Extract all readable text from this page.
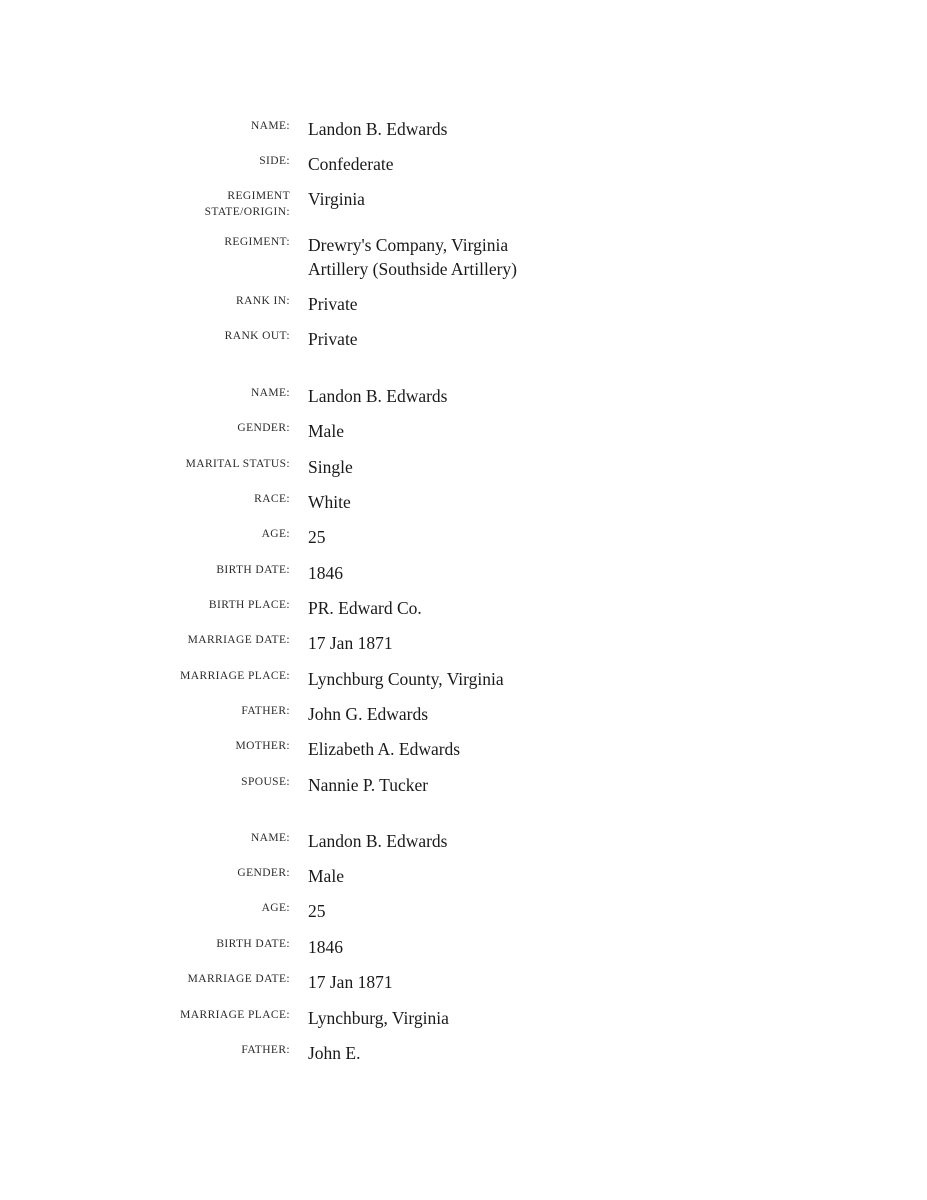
NAME: Landon B. Edwards
SIDE: Confederate
REGIMENT
STATE/ORIGIN:
Virginia
REGIMENT: Drewry's Company, Virginia
Artillery (Southside Artillery)
RANK IN: Private
RANK OUT: Private
NAME: Landon B. Edwards
GENDER: Male
MARITAL STATUS: Single
RACE: White
AGE: 25
BIRTH DATE: 1846
BIRTH PLACE: PR. Edward Co.
MARRIAGE DATE: 17 Jan 1871
MARRIAGE PLACE: Lynchburg County, Virginia
FATHER: John G. Edwards
MOTHER: Elizabeth A. Edwards
SPOUSE: Nannie P. Tucker
NAME: Landon B. Edwards
GENDER: Male
AGE: 25
BIRTH DATE: 1846
MARRIAGE DATE: 17 Jan 1871
MARRIAGE PLACE: Lynchburg, Virginia
FATHER: John E.
